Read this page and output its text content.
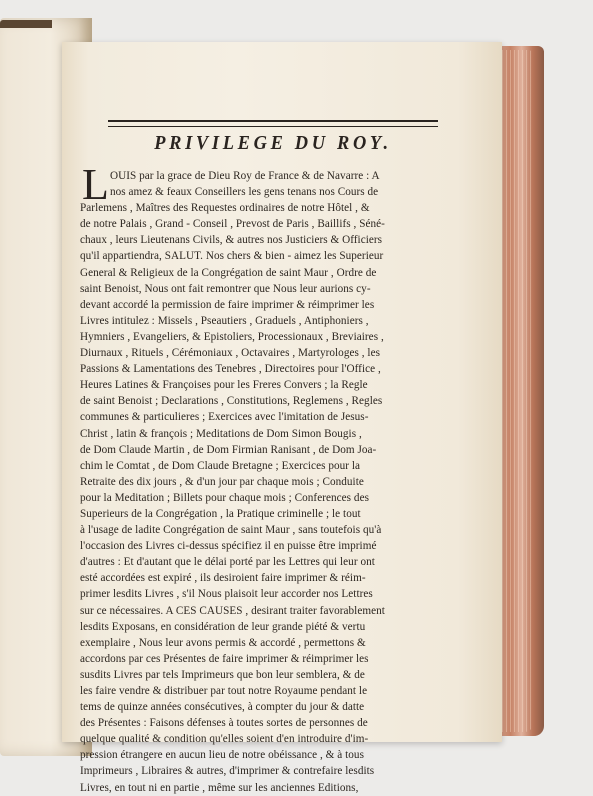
PRIVILEGE DU ROY.
L OUIS par la grace de Dieu Roy de France & de Navarre : A
nos amez & feaux Conseillers les gens tenans nos Cours de
Parlemens , Maîtres des Requestes ordinaires de notre Hôtel , &
de notre Palais , Grand - Conseil , Prevost de Paris , Baillifs , Séné-
chaux , leurs Lieutenans Civils, & autres nos Justiciers & Officiers
qu'il appartiendra, SALUT. Nos chers & bien - aimez les Superieur
General & Religieux de la Congrégation de saint Maur , Ordre de
saint Benoist, Nous ont fait remontrer que Nous leur aurions cy-
devant accordé la permission de faire imprimer & réimprimer les
Livres intitulez : Missels , Pseautiers , Graduels , Antiphoniers ,
Hymniers , Evangeliers, & Epistoliers, Processionaux , Breviaires ,
Diurnaux , Rituels , Cérémoniaux , Octavaires , Martyrologes , les
Passions & Lamentations des Tenebres , Directoires pour l'Office ,
Heures Latines & Françoises pour les Freres Convers ; la Regle
de saint Benoist ; Declarations , Constitutions, Reglemens , Regles
communes & particulieres ; Exercices avec l'imitation de Jesus-
Christ , latin & françois ; Meditations de Dom Simon Bougis ,
de Dom Claude Martin , de Dom Firmian Ranisant , de Dom Joa-
chim le Comtat , de Dom Claude Bretagne ; Exercices pour la
Retraite des dix jours , & d'un jour par chaque mois ; Conduite
pour la Meditation ; Billets pour chaque mois ; Conferences des
Superieurs de la Congrégation , la Pratique criminelle ; le tout
à l'usage de ladite Congrégation de saint Maur , sans toutefois qu'à
l'occasion des Livres ci-dessus spécifiez il en puisse être imprimé
d'autres : Et d'autant que le délai porté par les Lettres qui leur ont
esté accordées est expiré , ils desiroient faire imprimer & réim-
primer lesdits Livres , s'il Nous plaisoit leur accorder nos Lettres
sur ce nécessaires. A CES CAUSES , desirant traiter favorablement
lesdits Exposans, en considération de leur grande piété & vertu
exemplaire , Nous leur avons permis & accordé , permettons &
accordons par ces Présentes de faire imprimer & réimprimer les
susdits Livres par tels Imprimeurs que bon leur semblera, & de
les faire vendre & distribuer par tout notre Royaume pendant le
tems de quinze années consécutives, à compter du jour & datte
des Présentes : Faisons défenses à toutes sortes de personnes de
quelque qualité & condition qu'elles soient d'en introduire d'im-
pression étrangere en aucun lieu de notre obéissance , & à tous
Imprimeurs , Libraires & autres, d'imprimer & contrefaire lesdits
Livres, en tout ni en partie , même sur les anciennes Editions,
